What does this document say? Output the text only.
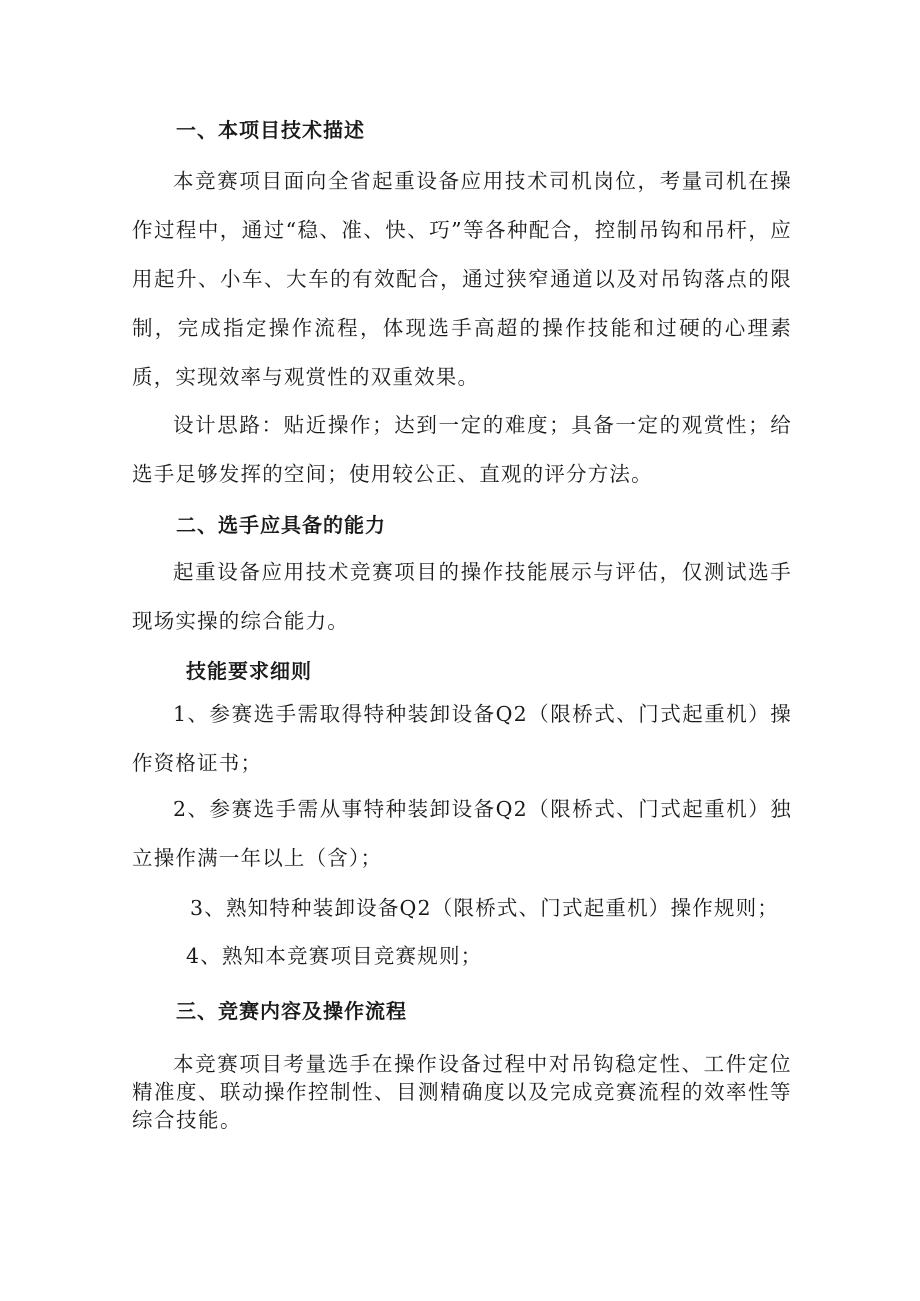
一、本项目技术描述
本竞赛项目面向全省起重设备应用技术司机岗位，考量司机在操作过程中，通过“稳、准、快、巧”等各种配合，控制吊钩和吊杆，应用起升、小车、大车的有效配合，通过狭窄通道以及对吊钩落点的限制，完成指定操作流程，体现选手高超的操作技能和过硬的心理素质，实现效率与观赏性的双重效果。
设计思路：贴近操作；达到一定的难度；具备一定的观赏性；给选手足够发挥的空间；使用较公正、直观的评分方法。
二、选手应具备的能力
起重设备应用技术竞赛项目的操作技能展示与评估，仅测试选手现场实操的综合能力。
技能要求细则
1、参赛选手需取得特种装卸设备Q2（限桥式、门式起重机）操作资格证书；
2、参赛选手需从事特种装卸设备Q2（限桥式、门式起重机）独立操作满一年以上（含）；
3、熟知特种装卸设备Q2（限桥式、门式起重机）操作规则；
4、熟知本竞赛项目竞赛规则；
三、竞赛内容及操作流程
本竞赛项目考量选手在操作设备过程中对吊钩稳定性、工件定位精准度、联动操作控制性、目测精确度以及完成竞赛流程的效率性等综合技能。
